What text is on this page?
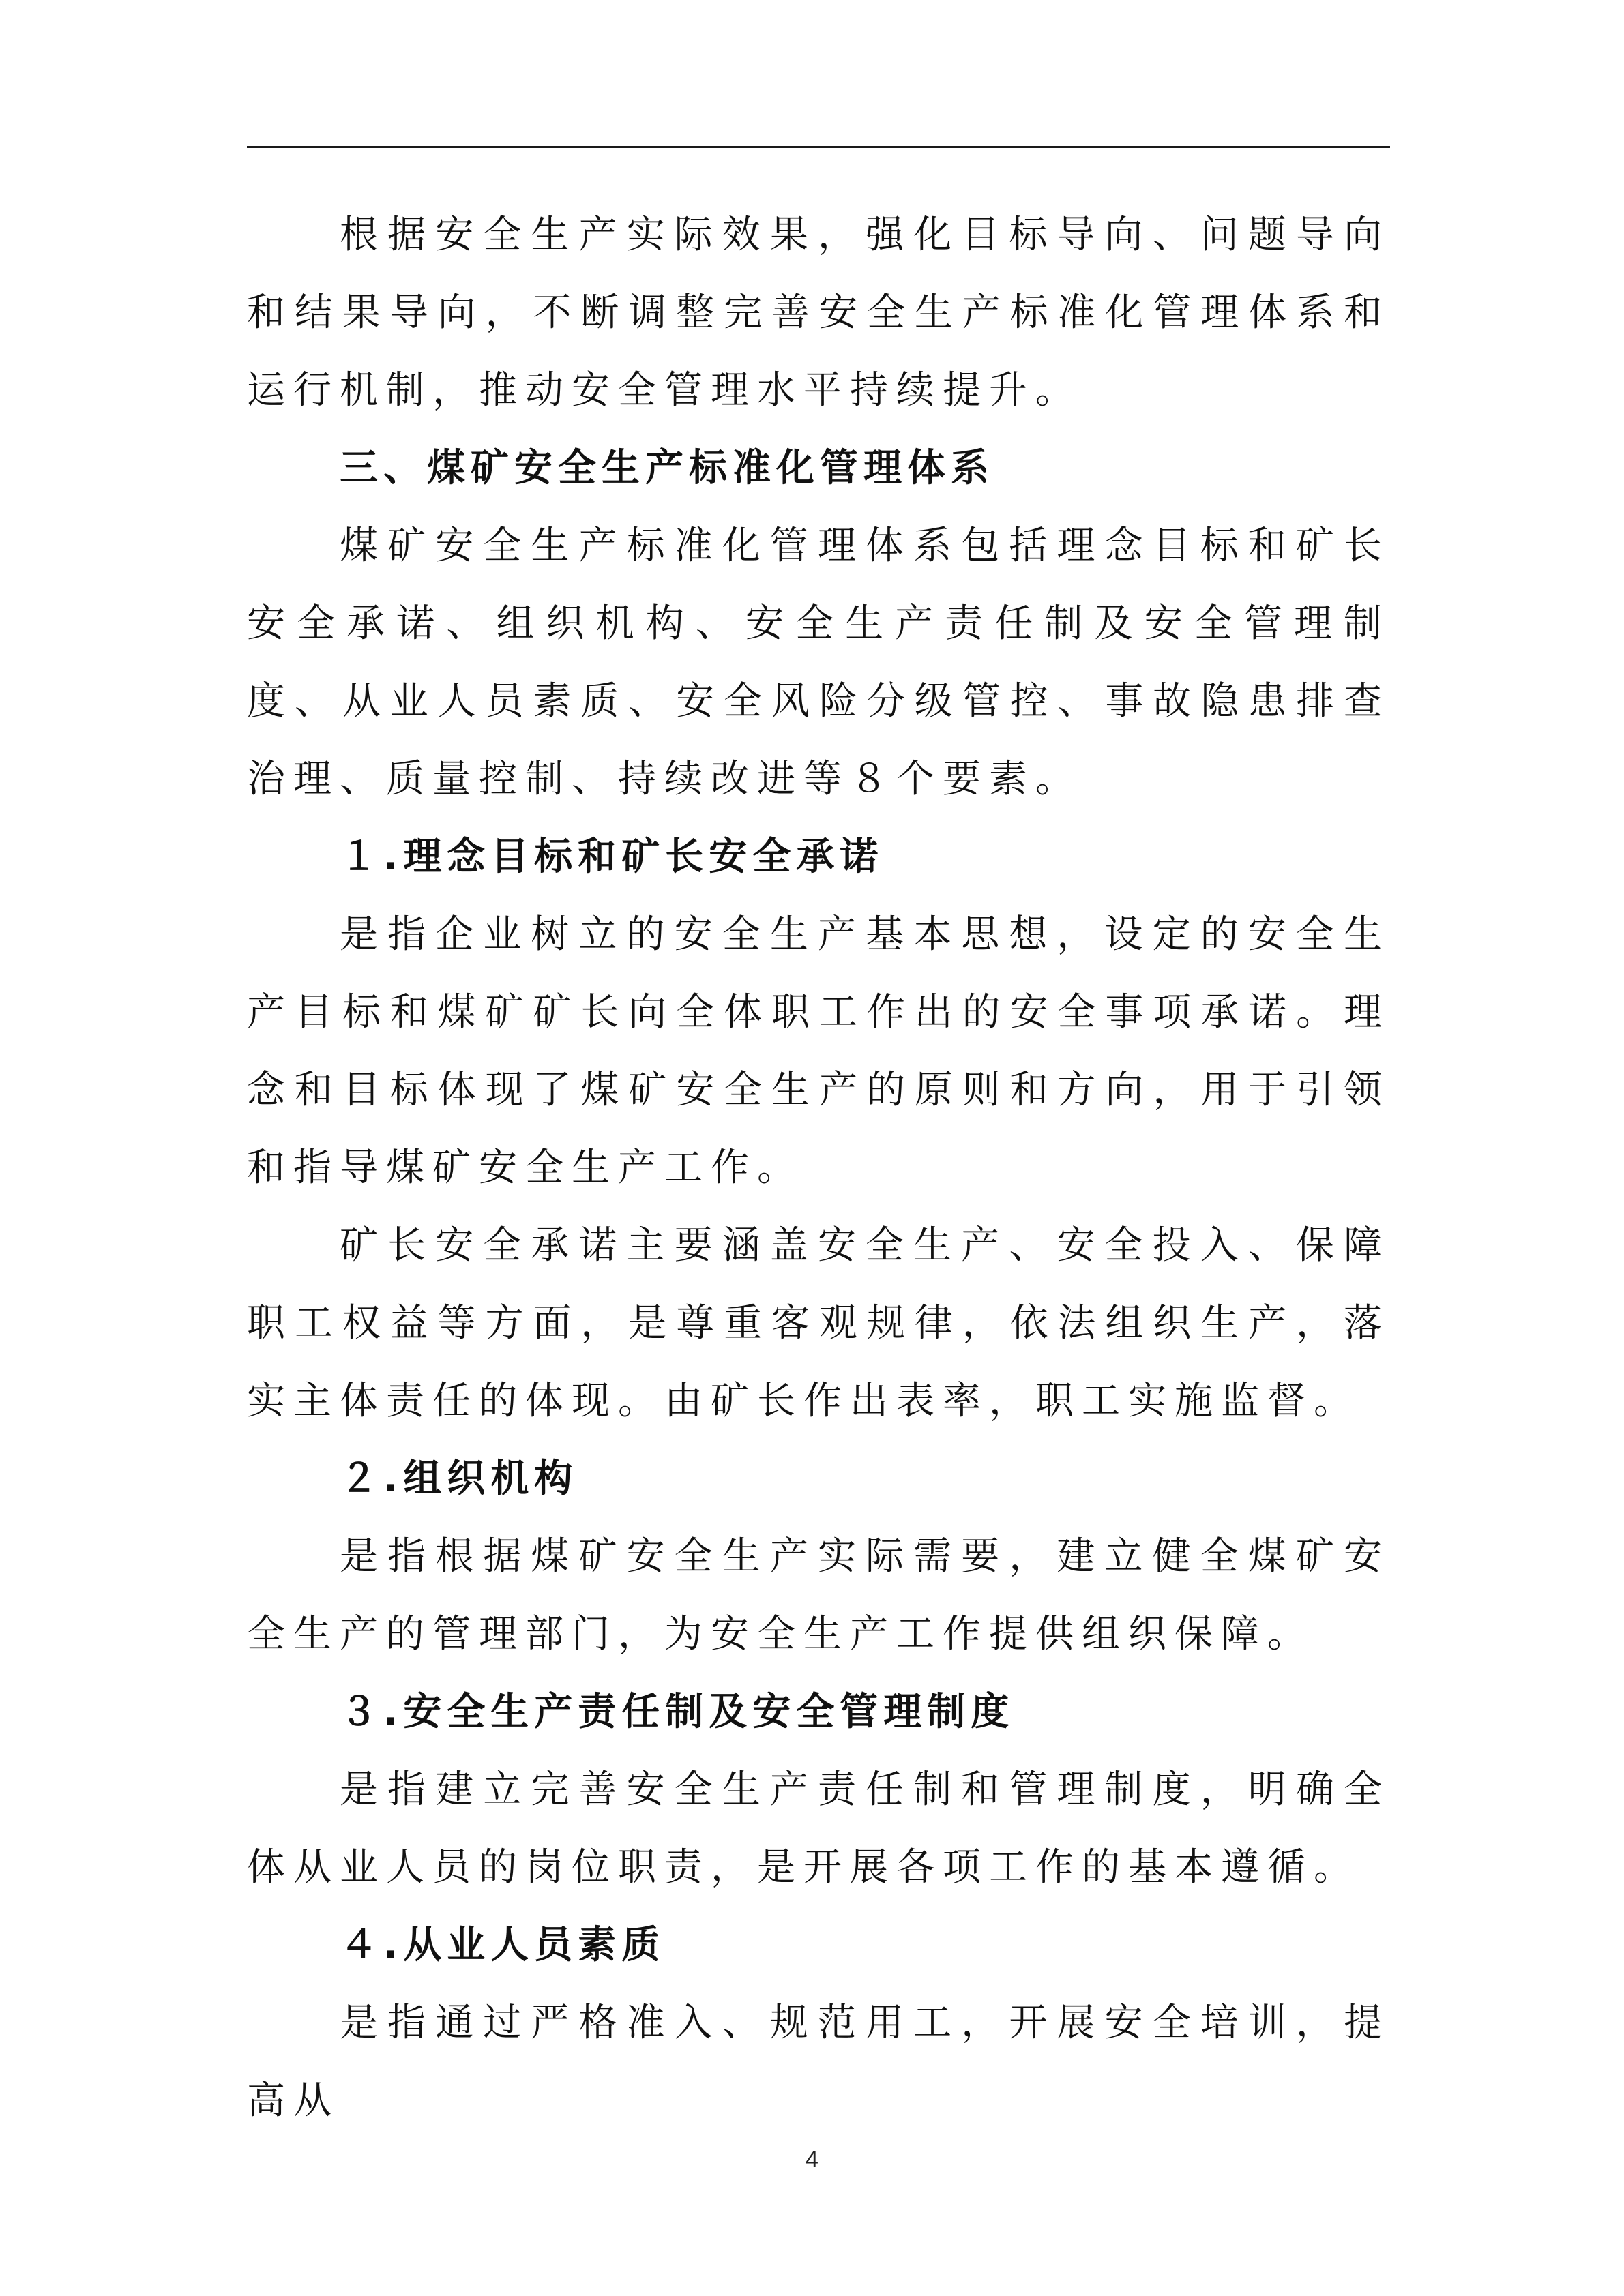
根据安全生产实际效果，强化目标导向、问题导向和结果导向，不断调整完善安全生产标准化管理体系和运行机制，推动安全管理水平持续提升。

三、煤矿安全生产标准化管理体系

煤矿安全生产标准化管理体系包括理念目标和矿长安全承诺、组织机构、安全生产责任制及安全管理制度、从业人员素质、安全风险分级管控、事故隐患排查治理、质量控制、持续改进等８个要素。

１.理念目标和矿长安全承诺

是指企业树立的安全生产基本思想，设定的安全生产目标和煤矿矿长向全体职工作出的安全事项承诺。理念和目标体现了煤矿安全生产的原则和方向，用于引领和指导煤矿安全生产工作。

矿长安全承诺主要涵盖安全生产、安全投入、保障职工权益等方面，是尊重客观规律，依法组织生产，落实主体责任的体现。由矿长作出表率，职工实施监督。

２.组织机构

是指根据煤矿安全生产实际需要，建立健全煤矿安全生产的管理部门，为安全生产工作提供组织保障。

３.安全生产责任制及安全管理制度

是指建立完善安全生产责任制和管理制度，明确全体从业人员的岗位职责，是开展各项工作的基本遵循。

４.从业人员素质

是指通过严格准入、规范用工，开展安全培训，提高从

4
